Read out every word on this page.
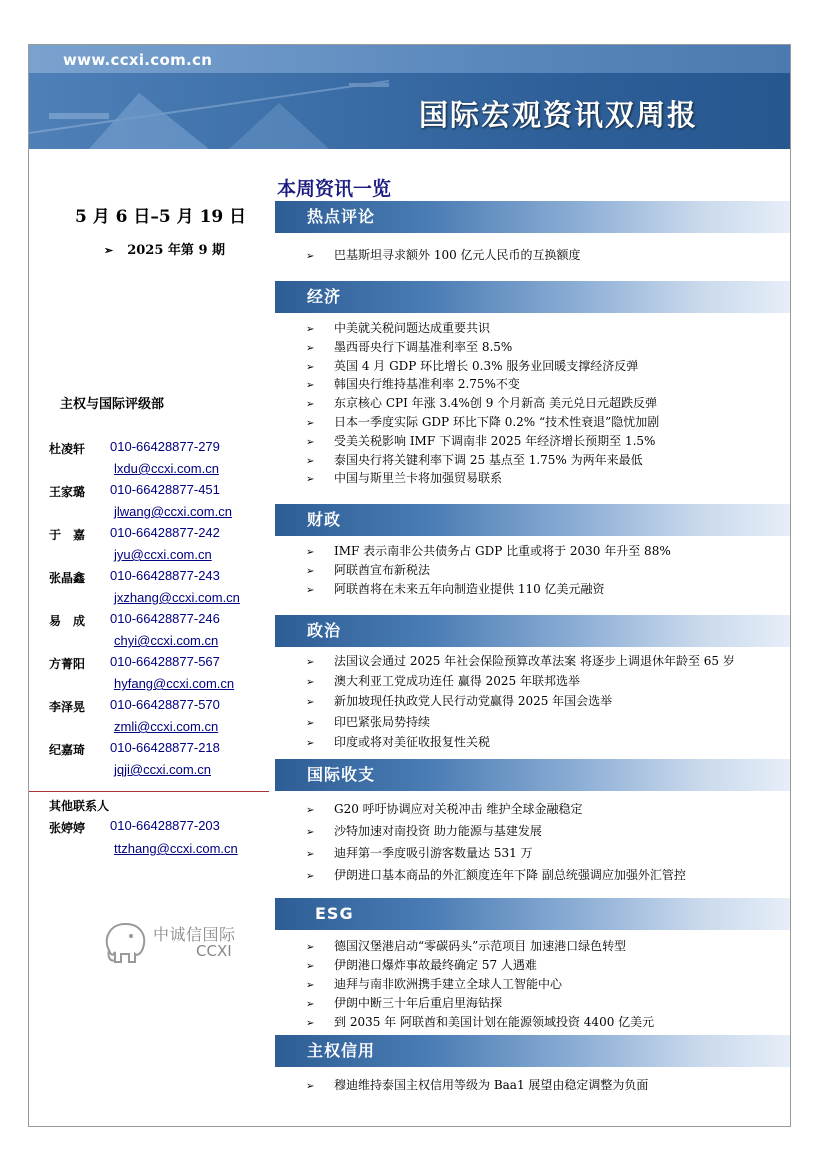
www.ccxi.com.cn
国际宏观资讯双周报
5 月 6 日–5 月 19 日
➢ 2025 年第 9 期
主权与国际评级部
杜凌轩 010-66428877-279
lxdu@ccxi.com.cn
王家璐 010-66428877-451
jlwang@ccxi.com.cn
于　嘉 010-66428877-242
jyu@ccxi.com.cn
张晶鑫 010-66428877-243
jxzhang@ccxi.com.cn
易　成 010-66428877-246
chyi@ccxi.com.cn
方菁阳 010-66428877-567
hyfang@ccxi.com.cn
李泽晃 010-66428877-570
zmli@ccxi.com.cn
纪嘉琦 010-66428877-218
jqji@ccxi.com.cn
其他联系人
张婷婷 010-66428877-203
ttzhang@ccxi.com.cn
中诚信国际
CCXI
本周资讯一览
热点评论
➢ 巴基斯坦寻求额外 100 亿元人民币的互换额度
经济
➢ 中美就关税问题达成重要共识
➢ 墨西哥央行下调基准利率至 8.5%
➢ 英国 4 月 GDP 环比增长 0.3% 服务业回暖支撑经济反弹
➢ 韩国央行维持基准利率 2.75%不变
➢ 东京核心 CPI 年涨 3.4%创 9 个月新高 美元兑日元超跌反弹
➢ 日本一季度实际 GDP 环比下降 0.2% “技术性衰退”隐忧加剧
➢ 受美关税影响 IMF 下调南非 2025 年经济增长预期至 1.5%
➢ 泰国央行将关键利率下调 25 基点至 1.75% 为两年来最低
➢ 中国与斯里兰卡将加强贸易联系
财政
➢ IMF 表示南非公共债务占 GDP 比重或将于 2030 年升至 88%
➢ 阿联酋宣布新税法
➢ 阿联酋将在未来五年向制造业提供 110 亿美元融资
政治
➢ 法国议会通过 2025 年社会保险预算改革法案 将逐步上调退休年龄至 65 岁
➢ 澳大利亚工党成功连任 赢得 2025 年联邦选举
➢ 新加坡现任执政党人民行动党赢得 2025 年国会选举
➢ 印巴紧张局势持续
➢ 印度或将对美征收报复性关税
国际收支
➢ G20 呼吁协调应对关税冲击 维护全球金融稳定
➢ 沙特加速对南投资 助力能源与基建发展
➢ 迪拜第一季度吸引游客数量达 531 万
➢ 伊朗进口基本商品的外汇额度连年下降 副总统强调应加强外汇管控
ESG
➢ 德国汉堡港启动“零碳码头”示范项目 加速港口绿色转型
➢ 伊朗港口爆炸事故最终确定 57 人遇难
➢ 迪拜与南非欧洲携手建立全球人工智能中心
➢ 伊朗中断三十年后重启里海钻探
➢ 到 2035 年 阿联酋和美国计划在能源领域投资 4400 亿美元
主权信用
➢ 穆迪维持泰国主权信用等级为 Baa1 展望由稳定调整为负面
